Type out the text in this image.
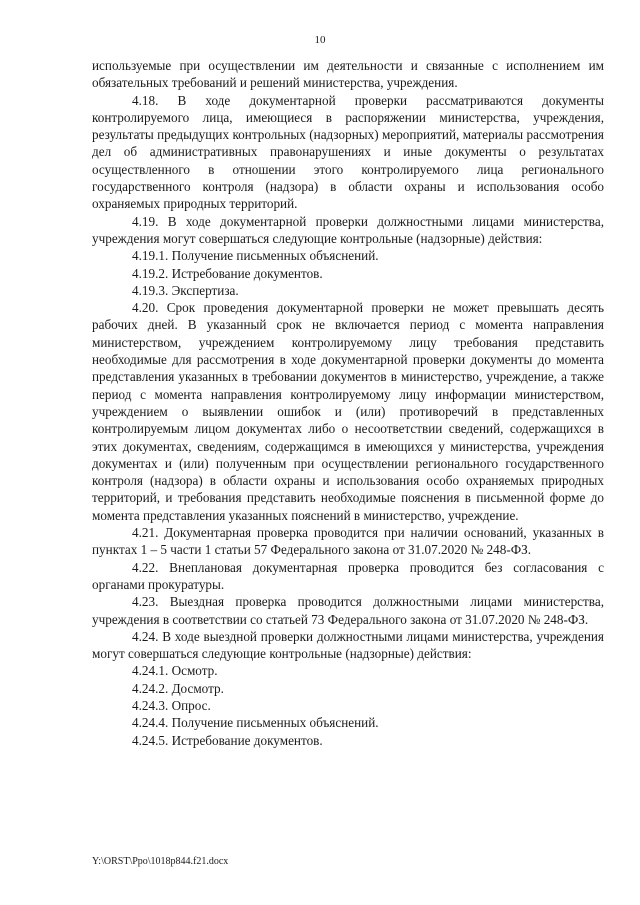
10

используемые при осуществлении им деятельности и связанные с исполнением им обязательных требований и решений министерства, учреждения.

4.18. В ходе документарной проверки рассматриваются документы контролируемого лица, имеющиеся в распоряжении министерства, учреждения, результаты предыдущих контрольных (надзорных) мероприятий, материалы рассмотрения дел об административных правонарушениях и иные документы о результатах осуществленного в отношении этого контролируемого лица регионального государственного контроля (надзора) в области охраны и использования особо охраняемых природных территорий.

4.19. В ходе документарной проверки должностными лицами министерства, учреждения могут совершаться следующие контрольные (надзорные) действия:

4.19.1. Получение письменных объяснений.

4.19.2. Истребование документов.

4.19.3. Экспертиза.

4.20. Срок проведения документарной проверки не может превышать десять рабочих дней. В указанный срок не включается период с момента направления министерством, учреждением контролируемому лицу требования представить необходимые для рассмотрения в ходе документарной проверки документы до момента представления указанных в требовании документов в министерство, учреждение, а также период с момента направления контролируемому лицу информации министерством, учреждением о выявлении ошибок и (или) противоречий в представленных контролируемым лицом документах либо о несоответствии сведений, содержащихся в этих документах, сведениям, содержащимся в имеющихся у министерства, учреждения документах и (или) полученным при осуществлении регионального государственного контроля (надзора) в области охраны и использования особо охраняемых природных территорий, и требования представить необходимые пояснения в письменной форме до момента представления указанных пояснений в министерство, учреждение.

4.21. Документарная проверка проводится при наличии оснований, указанных в пунктах 1 – 5 части 1 статьи 57 Федерального закона от 31.07.2020 № 248-ФЗ.

4.22. Внеплановая документарная проверка проводится без согласования с органами прокуратуры.

4.23. Выездная проверка проводится должностными лицами министерства, учреждения в соответствии со статьей 73 Федерального закона от 31.07.2020 № 248-ФЗ.

4.24. В ходе выездной проверки должностными лицами министерства, учреждения могут совершаться следующие контрольные (надзорные) действия:

4.24.1. Осмотр.

4.24.2. Досмотр.

4.24.3. Опрос.

4.24.4. Получение письменных объяснений.

4.24.5. Истребование документов.

Y:\ORST\Ppo\1018p844.f21.docx
